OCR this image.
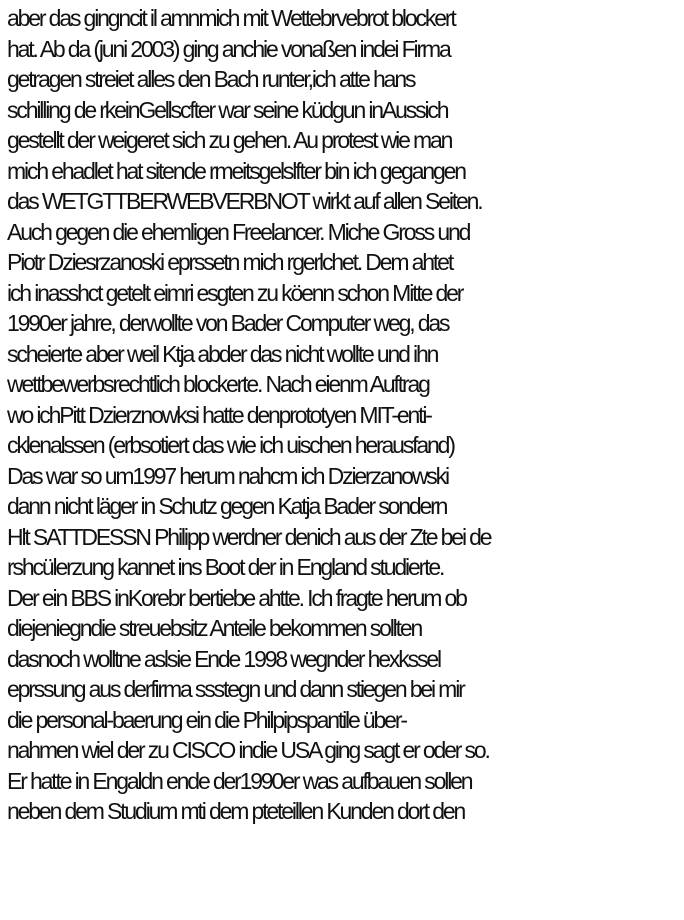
aber das gingncit il amnmich mit Wettebrvebrot blockert
hat. Ab da (juni 2003) ging anchie vonaßen indei Firma
getragen streiet alles den Bach runter,ich atte hans
schilling de rkeinGellscfter war seine küdgun inAussich
gestellt der weigeret sich zu gehen. Au protest wie man
mich ehadlet hat sitende rmeitsgelslfter bin ich gegangen
das WETGTTBERWEBVERBNOT wirkt auf allen Seiten.
Auch gegen die ehemligen Freelancer. Miche Gross und
Piotr Dziesrzanoski eprssetn mich rgerlchet. Dem ahtet
ich inasshct getelt eimri esgten zu köenn schon Mitte der
1990er jahre, derwollte von Bader Computer weg, das
scheierte aber weil Ktja abder das nicht wollte und ihn
wettbewerbsrechtlich blockerte. Nach eienm Auftrag
wo ichPitt Dzierznowksi hatte denprototyen MIT-enti-
cklenalssen (erbsotiert das wie ich uischen herausfand)
Das war so um1997 herum nahcm ich Dzierzanowski
dann nicht läger in Schutz gegen Katja Bader sondern
Hlt SATTDESSN Philipp werdner denich aus der Zte bei de
rshcülerzung kannet ins Boot der in England studierte.
Der ein BBS inKorebr bertiebe ahtte. Ich fragte herum ob
diejeniegndie streuebsitz Anteile bekommen sollten
dasnoch wolltne aslsie Ende 1998 wegnder hexkssel
eprssung aus derfirma ssstegn und dann stiegen bei mir
die personal-baerung ein die Philpipspantile über-
nahmen wiel der zu CISCO indie USA ging sagt er oder so.
Er hatte in Engaldn ende der1990er was aufbauen sollen
neben dem Studium mti dem pteteillen Kunden dort den
